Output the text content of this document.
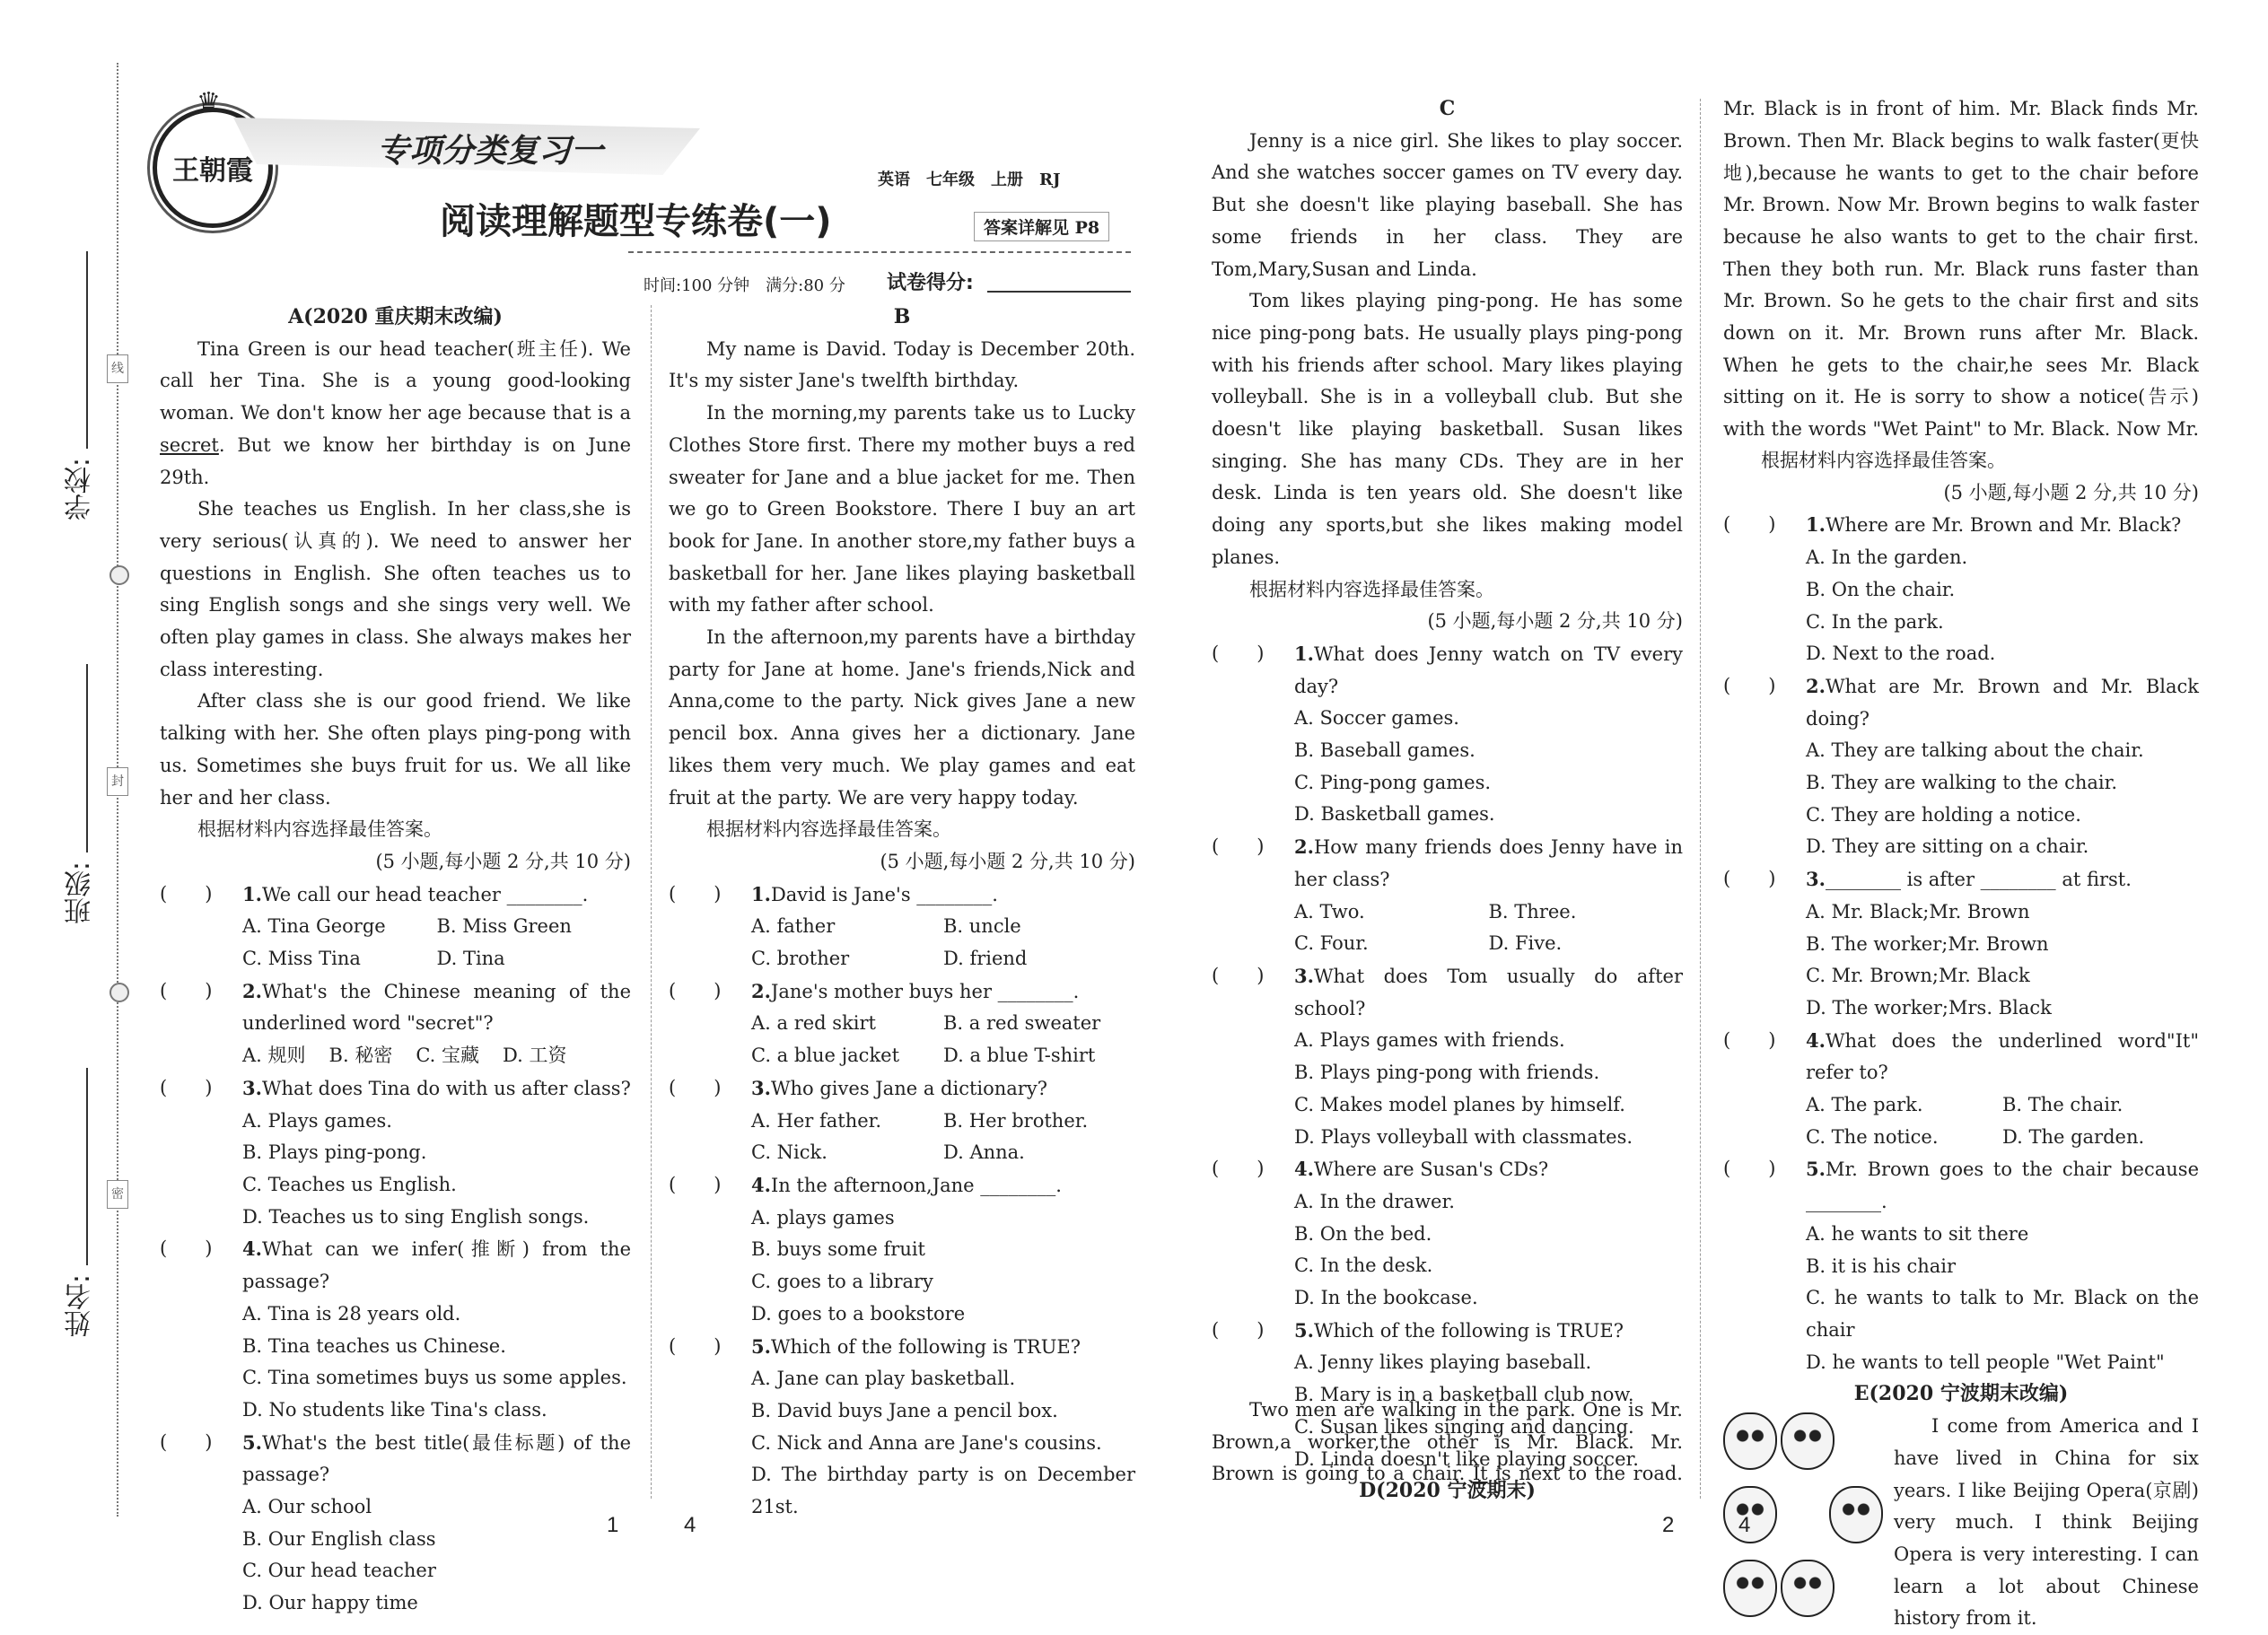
学校:
班级:
姓名:
线
封
密
♛
王朝霞
专项分类复习一
阅读理解题型专练卷(一)
英语　七年级　上册　RJ
答案详解见 P8
时间:100 分钟　满分:80 分 试卷得分:

A(2020 重庆期末改编)

Tina Green is our head teacher(班主任). We call her Tina. She is a young good-looking woman. We don't know her age because that is a secret. But we know her birthday is on June 29th.

She teaches us English. In her class,she is very serious(认真的). We need to answer her questions in English. She often teaches us to sing English songs and she sings very well. We often play games in class. She always makes her class interesting.

After class she is our good friend. We like talking with her. She often plays ping-pong with us. Sometimes she buys fruit for us. We all like her and her class.

根据材料内容选择最佳答案。

(5 小题,每小题 2 分,共 10 分)

(　　) 1.We call our head teacher ________.
A. Tina George	B. Miss Green
C. Miss Tina	D. Tina
(　　) 2.What's the Chinese meaning of the underlined word "secret"?
A. 规则 B. 秘密 C. 宝藏 D. 工资
(　　) 3.What does Tina do with us after class?
A. Plays games.
B. Plays ping-pong.
C. Teaches us English.
D. Teaches us to sing English songs.
(　　) 4.What can we infer(推断) from the passage?
A. Tina is 28 years old.
B. Tina teaches us Chinese.
C. Tina sometimes buys us some apples.
D. No students like Tina's class.
(　　) 5.What's the best title(最佳标题) of the passage?
A. Our school
B. Our English class
C. Our head teacher
D. Our happy time

B

My name is David. Today is December 20th. It's my sister Jane's twelfth birthday.

In the morning,my parents take us to Lucky Clothes Store first. There my mother buys a red sweater for Jane and a blue jacket for me. Then we go to Green Bookstore. There I buy an art book for Jane. In another store,my father buys a basketball for her. Jane likes playing basketball with my father after school.

In the afternoon,my parents have a birthday party for Jane at home. Jane's friends,Nick and Anna,come to the party. Nick gives Jane a new pencil box. Anna gives her a dictionary. Jane likes them very much. We play games and eat fruit at the party. We are very happy today.

根据材料内容选择最佳答案。

(5 小题,每小题 2 分,共 10 分)

(　　) 1.David is Jane's ________.
A. father	B. uncle
C. brother	D. friend
(　　) 2.Jane's mother buys her ________.
A. a red skirt	B. a red sweater
C. a blue jacket	D. a blue T-shirt
(　　) 3.Who gives Jane a dictionary?
A. Her father.	B. Her brother.
C. Nick.	D. Anna.
(　　) 4.In the afternoon,Jane ________.
A. plays games
B. buys some fruit
C. goes to a library
D. goes to a bookstore
(　　) 5.Which of the following is TRUE?
A. Jane can play basketball.
B. David buys Jane a pencil box.
C. Nick and Anna are Jane's cousins.
D. The birthday party is on December 21st.

C

Jenny is a nice girl. She likes to play soccer. And she watches soccer games on TV every day. But she doesn't like playing baseball. She has some friends in her class. They are Tom,Mary,Susan and Linda.

Tom likes playing ping-pong. He has some nice ping-pong bats. He usually plays ping-pong with his friends after school. Mary likes playing volleyball. She is in a volleyball club. But she doesn't like playing basketball. Susan likes singing. She has many CDs. They are in her desk. Linda is ten years old. She doesn't like doing any sports,but she likes making model planes.

根据材料内容选择最佳答案。

(5 小题,每小题 2 分,共 10 分)

(　　) 1.What does Jenny watch on TV every day?
A. Soccer games.
B. Baseball games.
C. Ping-pong games.
D. Basketball games.
(　　) 2.How many friends does Jenny have in her class?
A. Two.	B. Three.
C. Four.	D. Five.
(　　) 3.What does Tom usually do after school?
A. Plays games with friends.
B. Plays ping-pong with friends.
C. Makes model planes by himself.
D. Plays volleyball with classmates.
(　　) 4.Where are Susan's CDs?
A. In the drawer.
B. On the bed.
C. In the desk.
D. In the bookcase.
(　　) 5.Which of the following is TRUE?
A. Jenny likes playing baseball.
B. Mary is in a basketball club now.
C. Susan likes singing and dancing.
D. Linda doesn't like playing soccer.

D(2020 宁波期末)

Two men are walking in the park. One is Mr. Brown,a worker,the other is Mr. Black. Mr. Brown is going to a chair. It is next to the road.

Mr. Black is in front of him. Mr. Black finds Mr. Brown. Then Mr. Black begins to walk faster(更快地),because he wants to get to the chair before Mr. Brown. Now Mr. Brown begins to walk faster because he also wants to get to the chair first. Then they both run. Mr. Black runs faster than Mr. Brown. So he gets to the chair first and sits down on it. Mr. Brown runs after Mr. Black. When he gets to the chair,he sees Mr. Black sitting on it. He is sorry to show a notice(告示) with the words "Wet Paint" to Mr. Black. Now Mr.

根据材料内容选择最佳答案。

(5 小题,每小题 2 分,共 10 分)

(　　) 1.Where are Mr. Brown and Mr. Black?
A. In the garden.
B. On the chair.
C. In the park.
D. Next to the road.
(　　) 2.What are Mr. Brown and Mr. Black doing?
A. They are talking about the chair.
B. They are walking to the chair.
C. They are holding a notice.
D. They are sitting on a chair.
(　　) 3.________ is after ________ at first.
A. Mr. Black;Mr. Brown
B. The worker;Mr. Brown
C. Mr. Brown;Mr. Black
D. The worker;Mrs. Black
(　　) 4.What does the underlined word"It" refer to?
A. The park.	B. The chair.
C. The notice.	D. The garden.
(　　) 5.Mr. Brown goes to the chair because ________.
A. he wants to sit there
B. it is his chair
C. he wants to talk to Mr. Black on the chair
D. he wants to tell people "Wet Paint"

E(2020 宁波期末改编)

I come from America and I have lived in China for six years. I like Beijing Opera(京剧) very much. I think Beijing Opera is very interesting. I can learn a lot about Chinese history from it.

1	4	2	4
